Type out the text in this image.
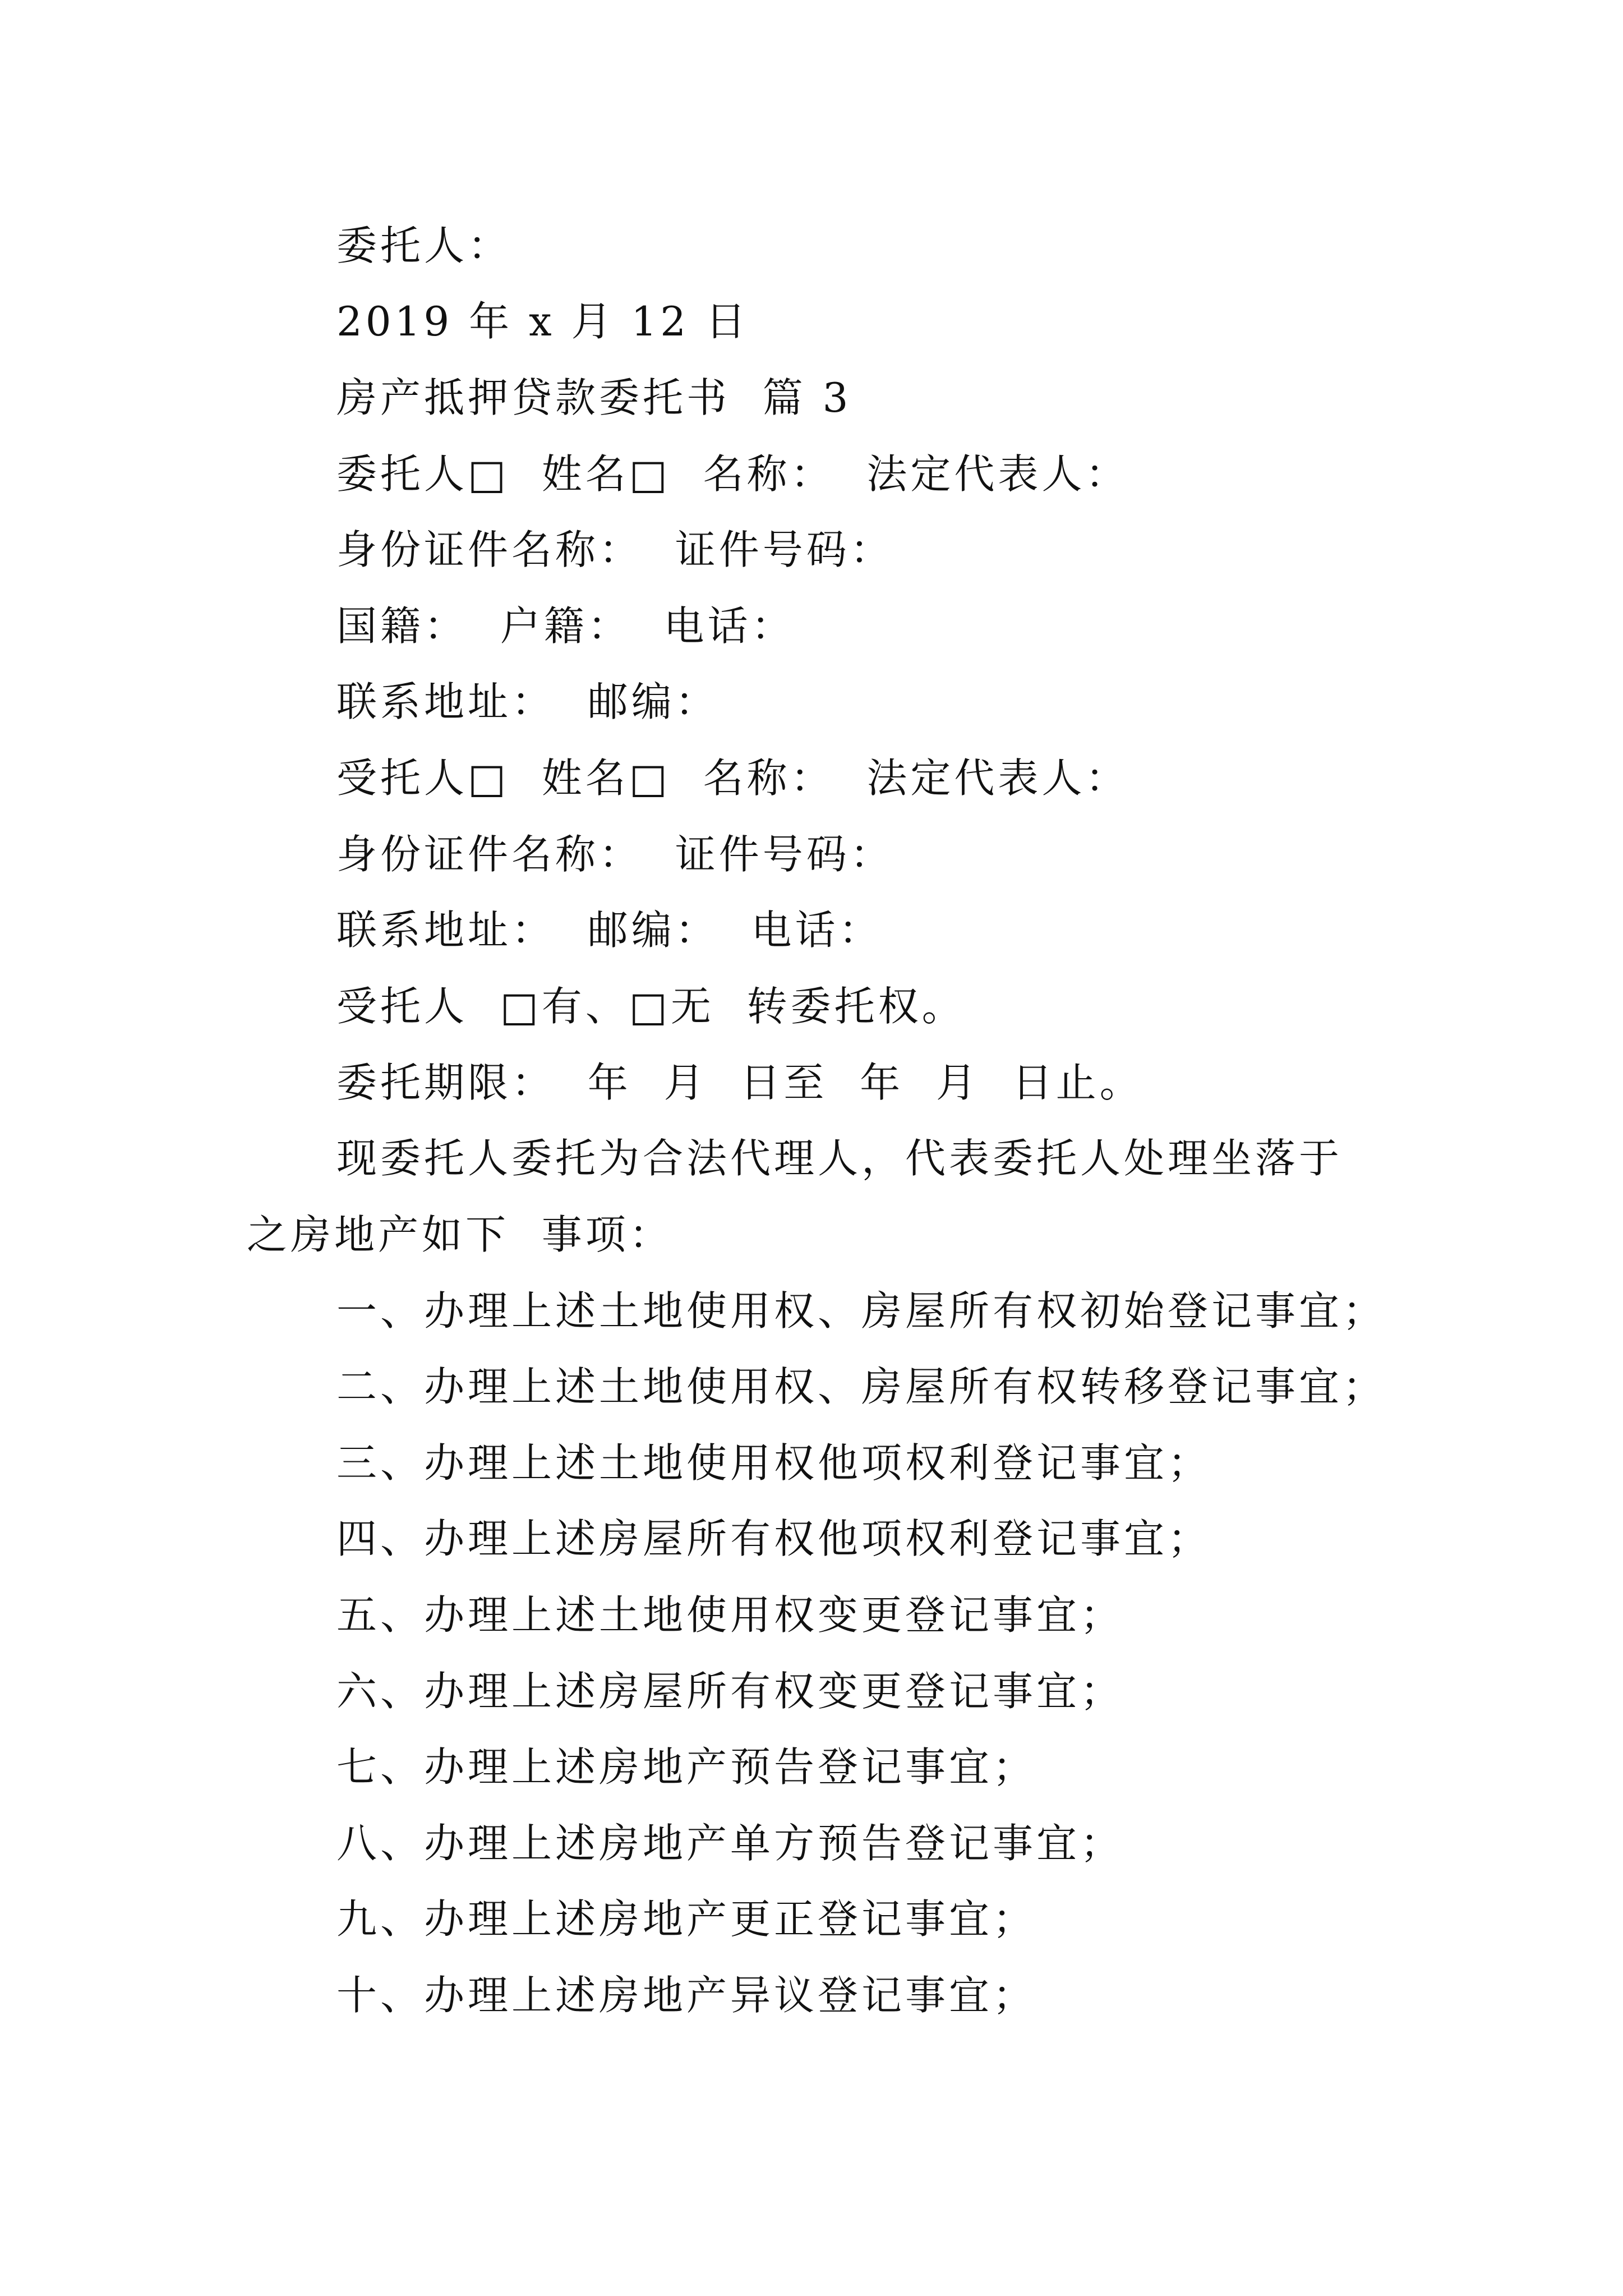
委托人：

2019 年 x 月 12 日

房产抵押贷款委托书  篇 3

委托人□  姓名□  名称：  法定代表人：

身份证件名称：  证件号码：

国籍：  户籍：  电话：

联系地址：  邮编：

受托人□  姓名□  名称：  法定代表人：

身份证件名称：  证件号码：

联系地址：  邮编：  电话：

受托人  □有、□无  转委托权。

委托期限：  年  月  日至  年  月  日止。

现委托人委托为合法代理人，代表委托人处理坐落于

之房地产如下  事项：

一、办理上述土地使用权、房屋所有权初始登记事宜；

二、办理上述土地使用权、房屋所有权转移登记事宜；

三、办理上述土地使用权他项权利登记事宜；

四、办理上述房屋所有权他项权利登记事宜；

五、办理上述土地使用权变更登记事宜；

六、办理上述房屋所有权变更登记事宜；

七、办理上述房地产预告登记事宜；

八、办理上述房地产单方预告登记事宜；

九、办理上述房地产更正登记事宜；

十、办理上述房地产异议登记事宜；
